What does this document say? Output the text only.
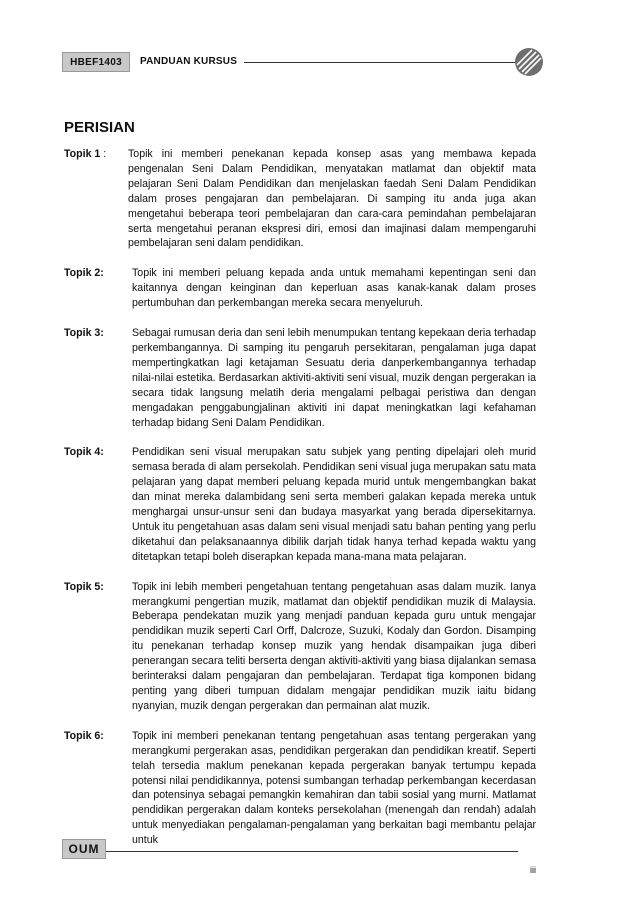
HBEF1403 PANDUAN KURSUS
PERISIAN
Topik 1 :	Topik ini memberi penekanan kepada konsep asas yang membawa kepada pengenalan Seni Dalam Pendidikan, menyatakan matlamat dan objektif mata pelajaran Seni Dalam Pendidikan dan menjelaskan faedah Seni Dalam Pendidikan dalam proses pengajaran dan pembelajaran. Di samping itu anda juga akan mengetahui beberapa teori pembelajaran dan cara-cara pemindahan pembelajaran serta mengetahui peranan ekspresi diri, emosi dan imajinasi dalam mempengaruhi pembelajaran seni dalam pendidikan.
Topik 2:	Topik ini memberi peluang kepada anda untuk memahami kepentingan seni dan kaitannya dengan keinginan dan keperluan asas kanak-kanak dalam proses pertumbuhan dan perkembangan mereka secara menyeluruh.
Topik 3:	Sebagai rumusan deria dan seni lebih menumpukan tentang kepekaan deria terhadap perkembangannya. Di samping itu pengaruh persekitaran, pengalaman juga dapat mempertingkatkan lagi ketajaman Sesuatu deria danperkembangannya terhadap nilai-nilai estetika. Berdasarkan aktiviti-aktiviti seni visual, muzik dengan pergerakan ia secara tidak langsung melatih deria mengalami pelbagai peristiwa dan dengan mengadakan penggabungjalinan aktiviti ini dapat meningkatkan lagi kefahaman terhadap bidang Seni Dalam Pendidikan.
Topik 4:	Pendidikan seni visual merupakan satu subjek yang penting dipelajari oleh murid semasa berada di alam persekolah. Pendidikan seni visual juga merupakan satu mata pelajaran yang dapat memberi peluang kepada murid untuk mengembangkan bakat dan minat mereka dalambidang seni serta memberi galakan kepada mereka untuk menghargai unsur-unsur seni dan budaya masyarkat yang berada dipersekitarnya. Untuk itu pengetahuan asas dalam seni visual menjadi satu bahan penting yang perlu diketahui dan pelaksanaannya dibilik darjah tidak hanya terhad kepada waktu yang ditetapkan tetapi boleh diserapkan kepada mana-mana mata pelajaran.
Topik 5:	Topik ini lebih memberi pengetahuan tentang pengetahuan asas dalam muzik. Ianya merangkumi pengertian muzik, matlamat dan objektif pendidikan muzik di Malaysia. Beberapa pendekatan muzik yang menjadi panduan kepada guru untuk mengajar pendidikan muzik seperti Carl Orff, Dalcroze, Suzuki, Kodaly dan Gordon. Disamping itu penekanan terhadap konsep muzik yang hendak disampaikan juga diberi penerangan secara teliti berserta dengan aktiviti-aktiviti yang biasa dijalankan semasa berinteraksi dalam pengajaran dan pembelajaran. Terdapat tiga komponen bidang penting yang diberi tumpuan didalam mengajar pendidikan muzik iaitu bidang nyanyian, muzik dengan pergerakan dan permainan alat muzik.
Topik 6:	Topik ini memberi penekanan tentang pengetahuan asas tentang pergerakan yang merangkumi pergerakan asas, pendidikan pergerakan dan pendidikan kreatif. Seperti telah tersedia maklum penekanan kepada pergerakan banyak tertumpu kepada potensi nilai pendidikannya, potensi sumbangan terhadap perkembangan kecerdasan dan potensinya sebagai pemangkin kemahiran dan tabii sosial yang murni. Matlamat pendidikan pergerakan dalam konteks persekolahan (menengah dan rendah) adalah untuk menyediakan pengalaman-pengalaman yang berkaitan bagi membantu pelajar untuk
OUM
iii
